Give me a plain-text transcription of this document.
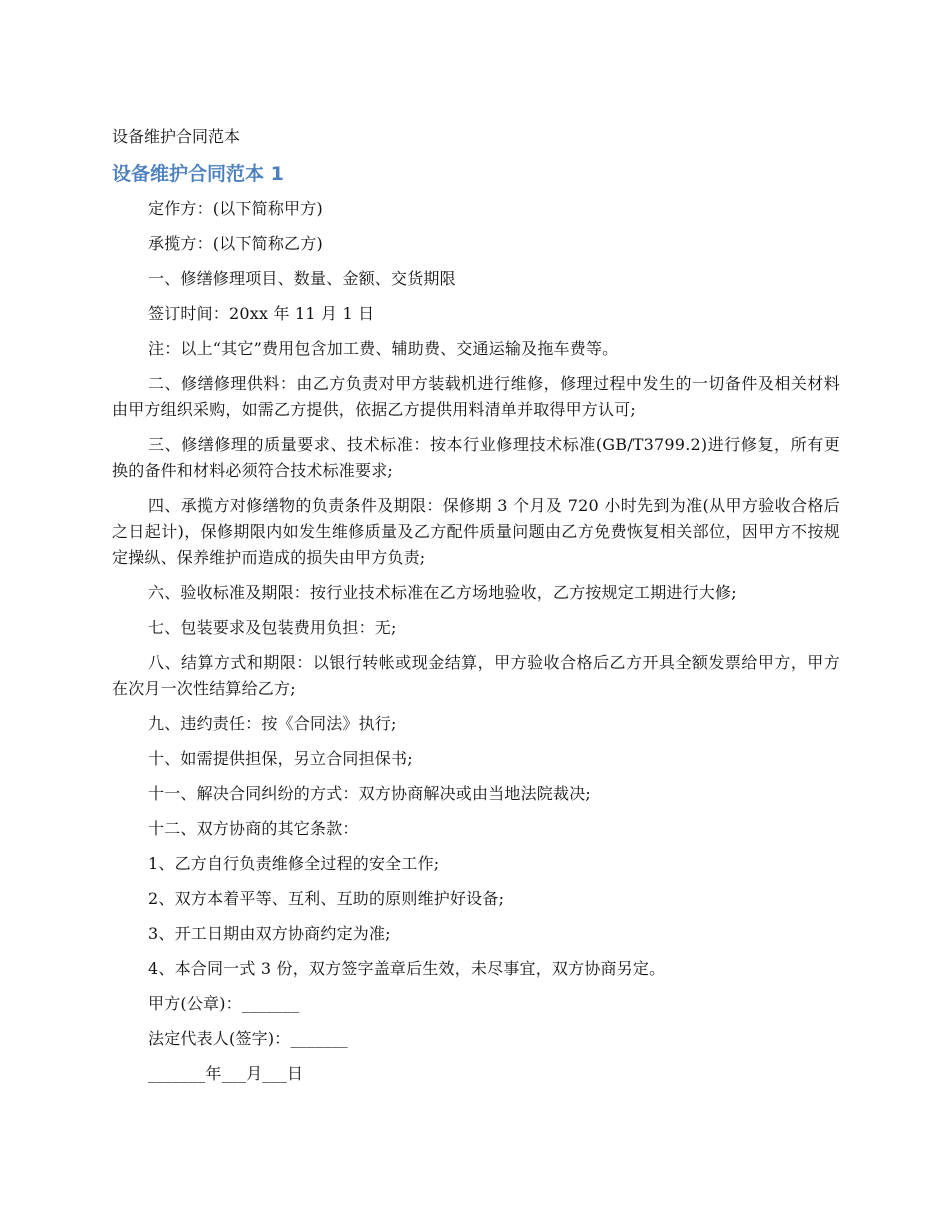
设备维护合同范本
设备维护合同范本 1

定作方：(以下简称甲方)

承揽方：(以下简称乙方)

一、修缮修理项目、数量、金额、交货期限

签订时间：20xx 年 11 月 1 日

注：以上“其它”费用包含加工费、辅助费、交通运输及拖车费等。

二、修缮修理供料：由乙方负责对甲方装载机进行维修，修理过程中发生的一切备件及相关材料由甲方组织采购，如需乙方提供，依据乙方提供用料清单并取得甲方认可;

三、修缮修理的质量要求、技术标准：按本行业修理技术标准(GB/T3799.2)进行修复，所有更换的备件和材料必须符合技术标准要求;

四、承揽方对修缮物的负责条件及期限：保修期 3 个月及 720 小时先到为准(从甲方验收合格后之日起计)，保修期限内如发生维修质量及乙方配件质量问题由乙方免费恢复相关部位，因甲方不按规定操纵、保养维护而造成的损失由甲方负责;

六、验收标准及期限：按行业技术标准在乙方场地验收，乙方按规定工期进行大修;

七、包装要求及包装费用负担：无;

八、结算方式和期限：以银行转帐或现金结算，甲方验收合格后乙方开具全额发票给甲方，甲方在次月一次性结算给乙方;

九、违约责任：按《合同法》执行;

十、如需提供担保，另立合同担保书;

十一、解决合同纠纷的方式：双方协商解决或由当地法院裁决;

十二、双方协商的其它条款：

1、乙方自行负责维修全过程的安全工作;

2、双方本着平等、互利、互助的原则维护好设备;

3、开工日期由双方协商约定为准;

4、本合同一式 3 份，双方签字盖章后生效，未尽事宜，双方协商另定。

甲方(公章)：_______

法定代表人(签字)：_______

_______年___月___日
